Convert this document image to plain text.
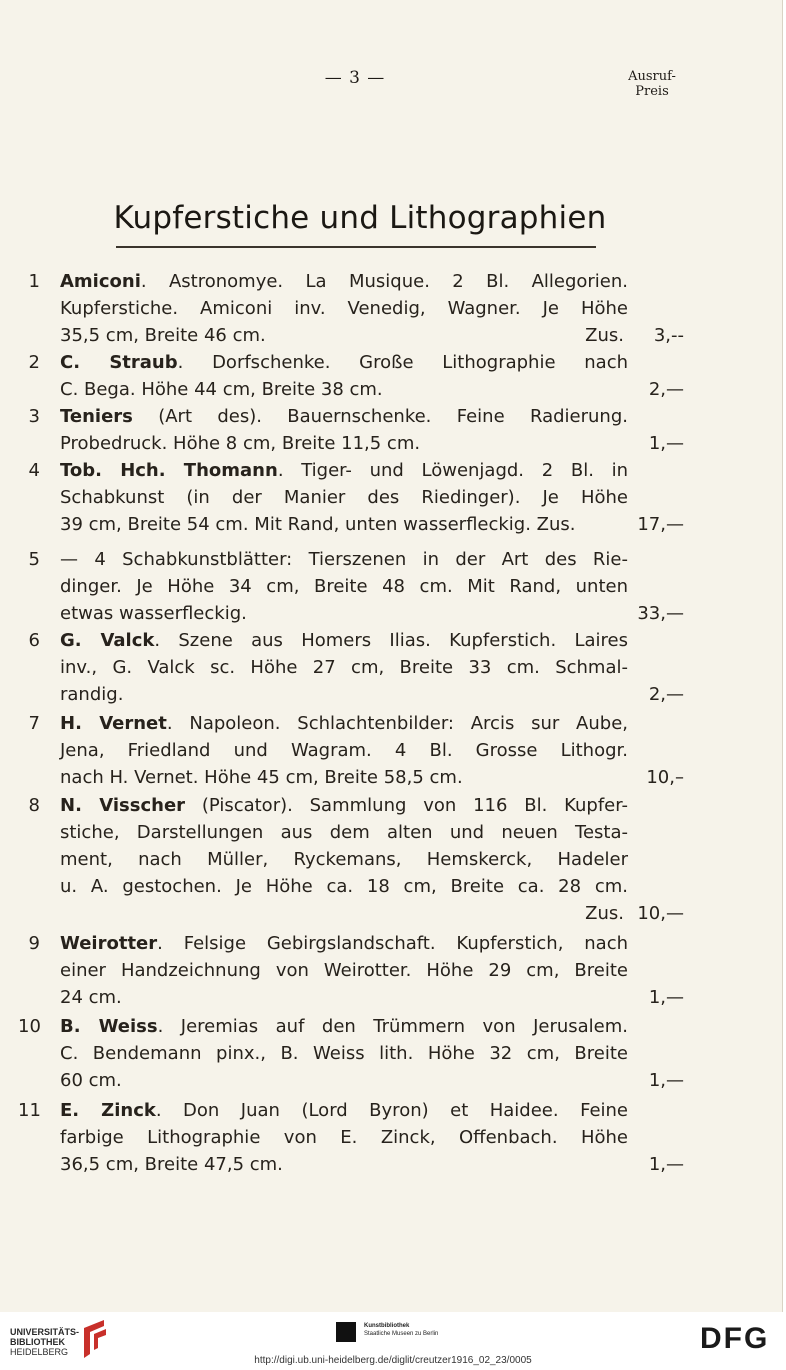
— 3 —	Ausruf-
Preis
Kupferstiche und Lithographien
1 Amiconi. Astronomye. La Musique. 2 Bl. Allegorien.
Kupferstiche. Amiconi inv. Venedig, Wagner. Je Höhe
35,5 cm, Breite 46 cm.	Zus.	3,--
2 C. Straub. Dorfschenke. Große Lithographie nach
C. Bega. Höhe 44 cm, Breite 38 cm.	2,—
3 Teniers (Art des). Bauernschenke. Feine Radierung.
Probedruck. Höhe 8 cm, Breite 11,5 cm.	1,—
4 Tob. Hch. Thomann. Tiger- und Löwenjagd. 2 Bl. in
Schabkunst (in der Manier des Riedinger). Je Höhe
39 cm, Breite 54 cm. Mit Rand, unten wasserfleckig. Zus.	17,—
5 — 4 Schabkunstblätter: Tierszenen in der Art des Rie-
dinger. Je Höhe 34 cm, Breite 48 cm. Mit Rand, unten
etwas wasserfleckig.	33,—
6 G. Valck. Szene aus Homers Ilias. Kupferstich. Laires
inv., G. Valck sc. Höhe 27 cm, Breite 33 cm. Schmal-
randig.	2,—
7 H. Vernet. Napoleon. Schlachtenbilder: Arcis sur Aube,
Jena, Friedland und Wagram. 4 Bl. Grosse Lithogr.
nach H. Vernet. Höhe 45 cm, Breite 58,5 cm.	10,–
8 N. Visscher (Piscator). Sammlung von 116 Bl. Kupfer-
stiche, Darstellungen aus dem alten und neuen Testa-
ment, nach Müller, Ryckemans, Hemskerck, Hadeler
u. A. gestochen. Je Höhe ca. 18 cm, Breite ca. 28 cm.
Zus. 10,—
9 Weirotter. Felsige Gebirgslandschaft. Kupferstich, nach
einer Handzeichnung von Weirotter. Höhe 29 cm, Breite
24 cm.	1,—
10 B. Weiss. Jeremias auf den Trümmern von Jerusalem.
C. Bendemann pinx., B. Weiss lith. Höhe 32 cm, Breite
60 cm.	1,—
11 E. Zinck. Don Juan (Lord Byron) et Haidee. Feine
farbige Lithographie von E. Zinck, Offenbach. Höhe
36,5 cm, Breite 47,5 cm.	1,—
UNIVERSITÄTS-
BIBLIOTHEK
HEIDELBERG
Kunstbibliothek
Staatliche Museen zu Berlin	DFG
http://digi.ub.uni-heidelberg.de/diglit/creutzer1916_02_23/0005
